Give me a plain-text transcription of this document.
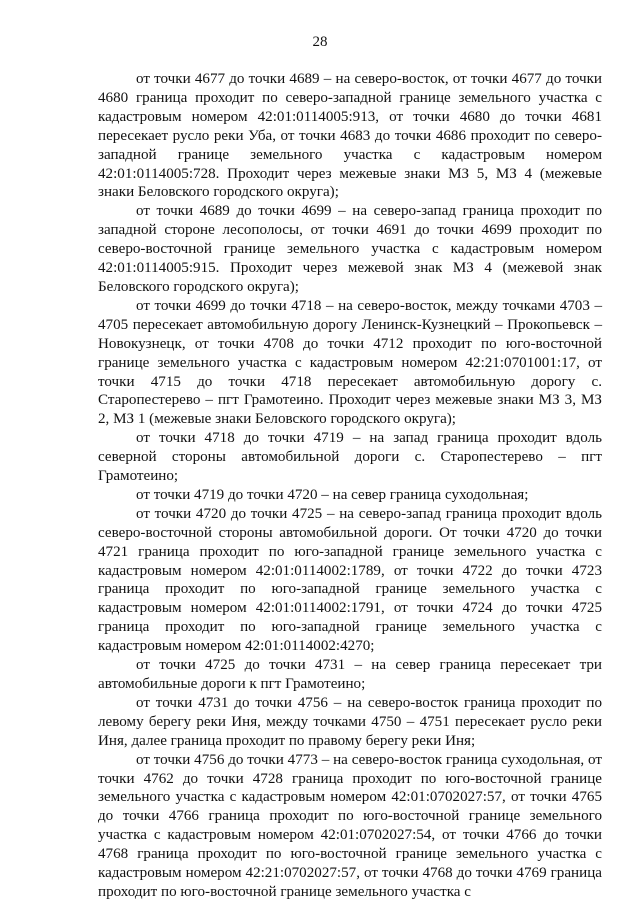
28

от точки 4677 до точки 4689 – на северо-восток, от точки 4677 до точки 4680 граница проходит по северо-западной границе земельного участка с кадастровым номером 42:01:0114005:913, от точки 4680 до точки 4681 пересекает русло реки Уба, от точки 4683 до точки 4686 проходит по северо-западной границе земельного участка с кадастровым номером 42:01:0114005:728. Проходит через межевые знаки МЗ 5, МЗ 4 (межевые знаки Беловского городского округа);

от точки 4689 до точки 4699 – на северо-запад граница проходит по западной стороне лесополосы, от точки 4691 до точки 4699 проходит по северо-восточной границе земельного участка с кадастровым номером 42:01:0114005:915. Проходит через межевой знак МЗ 4 (межевой знак Беловского городского округа);

от точки 4699 до точки 4718 – на северо-восток, между точками 4703 – 4705 пересекает автомобильную дорогу Ленинск-Кузнецкий – Прокопьевск – Новокузнецк, от точки 4708 до точки 4712 проходит по юго-восточной границе земельного участка с кадастровым номером 42:21:0701001:17, от точки 4715 до точки 4718 пересекает автомобильную дорогу с. Старопестерево – пгт Грамотеино. Проходит через межевые знаки МЗ 3, МЗ 2, МЗ 1 (межевые знаки Беловского городского округа);

от точки 4718 до точки 4719 – на запад граница проходит вдоль северной стороны автомобильной дороги с. Старопестерево – пгт Грамотеино;

от точки 4719 до точки 4720 – на север граница суходольная;

от точки 4720 до точки 4725 – на северо-запад граница проходит вдоль северо-восточной стороны автомобильной дороги. От точки 4720 до точки 4721 граница проходит по юго-западной границе земельного участка с кадастровым номером 42:01:0114002:1789, от точки 4722 до точки 4723 граница проходит по юго-западной границе земельного участка с кадастровым номером 42:01:0114002:1791, от точки 4724 до точки 4725 граница проходит по юго-западной границе земельного участка с кадастровым номером 42:01:0114002:4270;

от точки 4725 до точки 4731 – на север граница пересекает три автомобильные дороги к пгт Грамотеино;

от точки 4731 до точки 4756 – на северо-восток граница проходит по левому берегу реки Иня, между точками 4750 – 4751 пересекает русло реки Иня, далее граница проходит по правому берегу реки Иня;

от точки 4756 до точки 4773 – на северо-восток граница суходольная, от точки 4762 до точки 4728 граница проходит по юго-восточной границе земельного участка с кадастровым номером 42:01:0702027:57, от точки 4765 до точки 4766 граница проходит по юго-восточной границе земельного участка с кадастровым номером 42:01:0702027:54, от точки 4766 до точки 4768 граница проходит по юго-восточной границе земельного участка с кадастровым номером 42:21:0702027:57, от точки 4768 до точки 4769 граница проходит по юго-восточной границе земельного участка с
